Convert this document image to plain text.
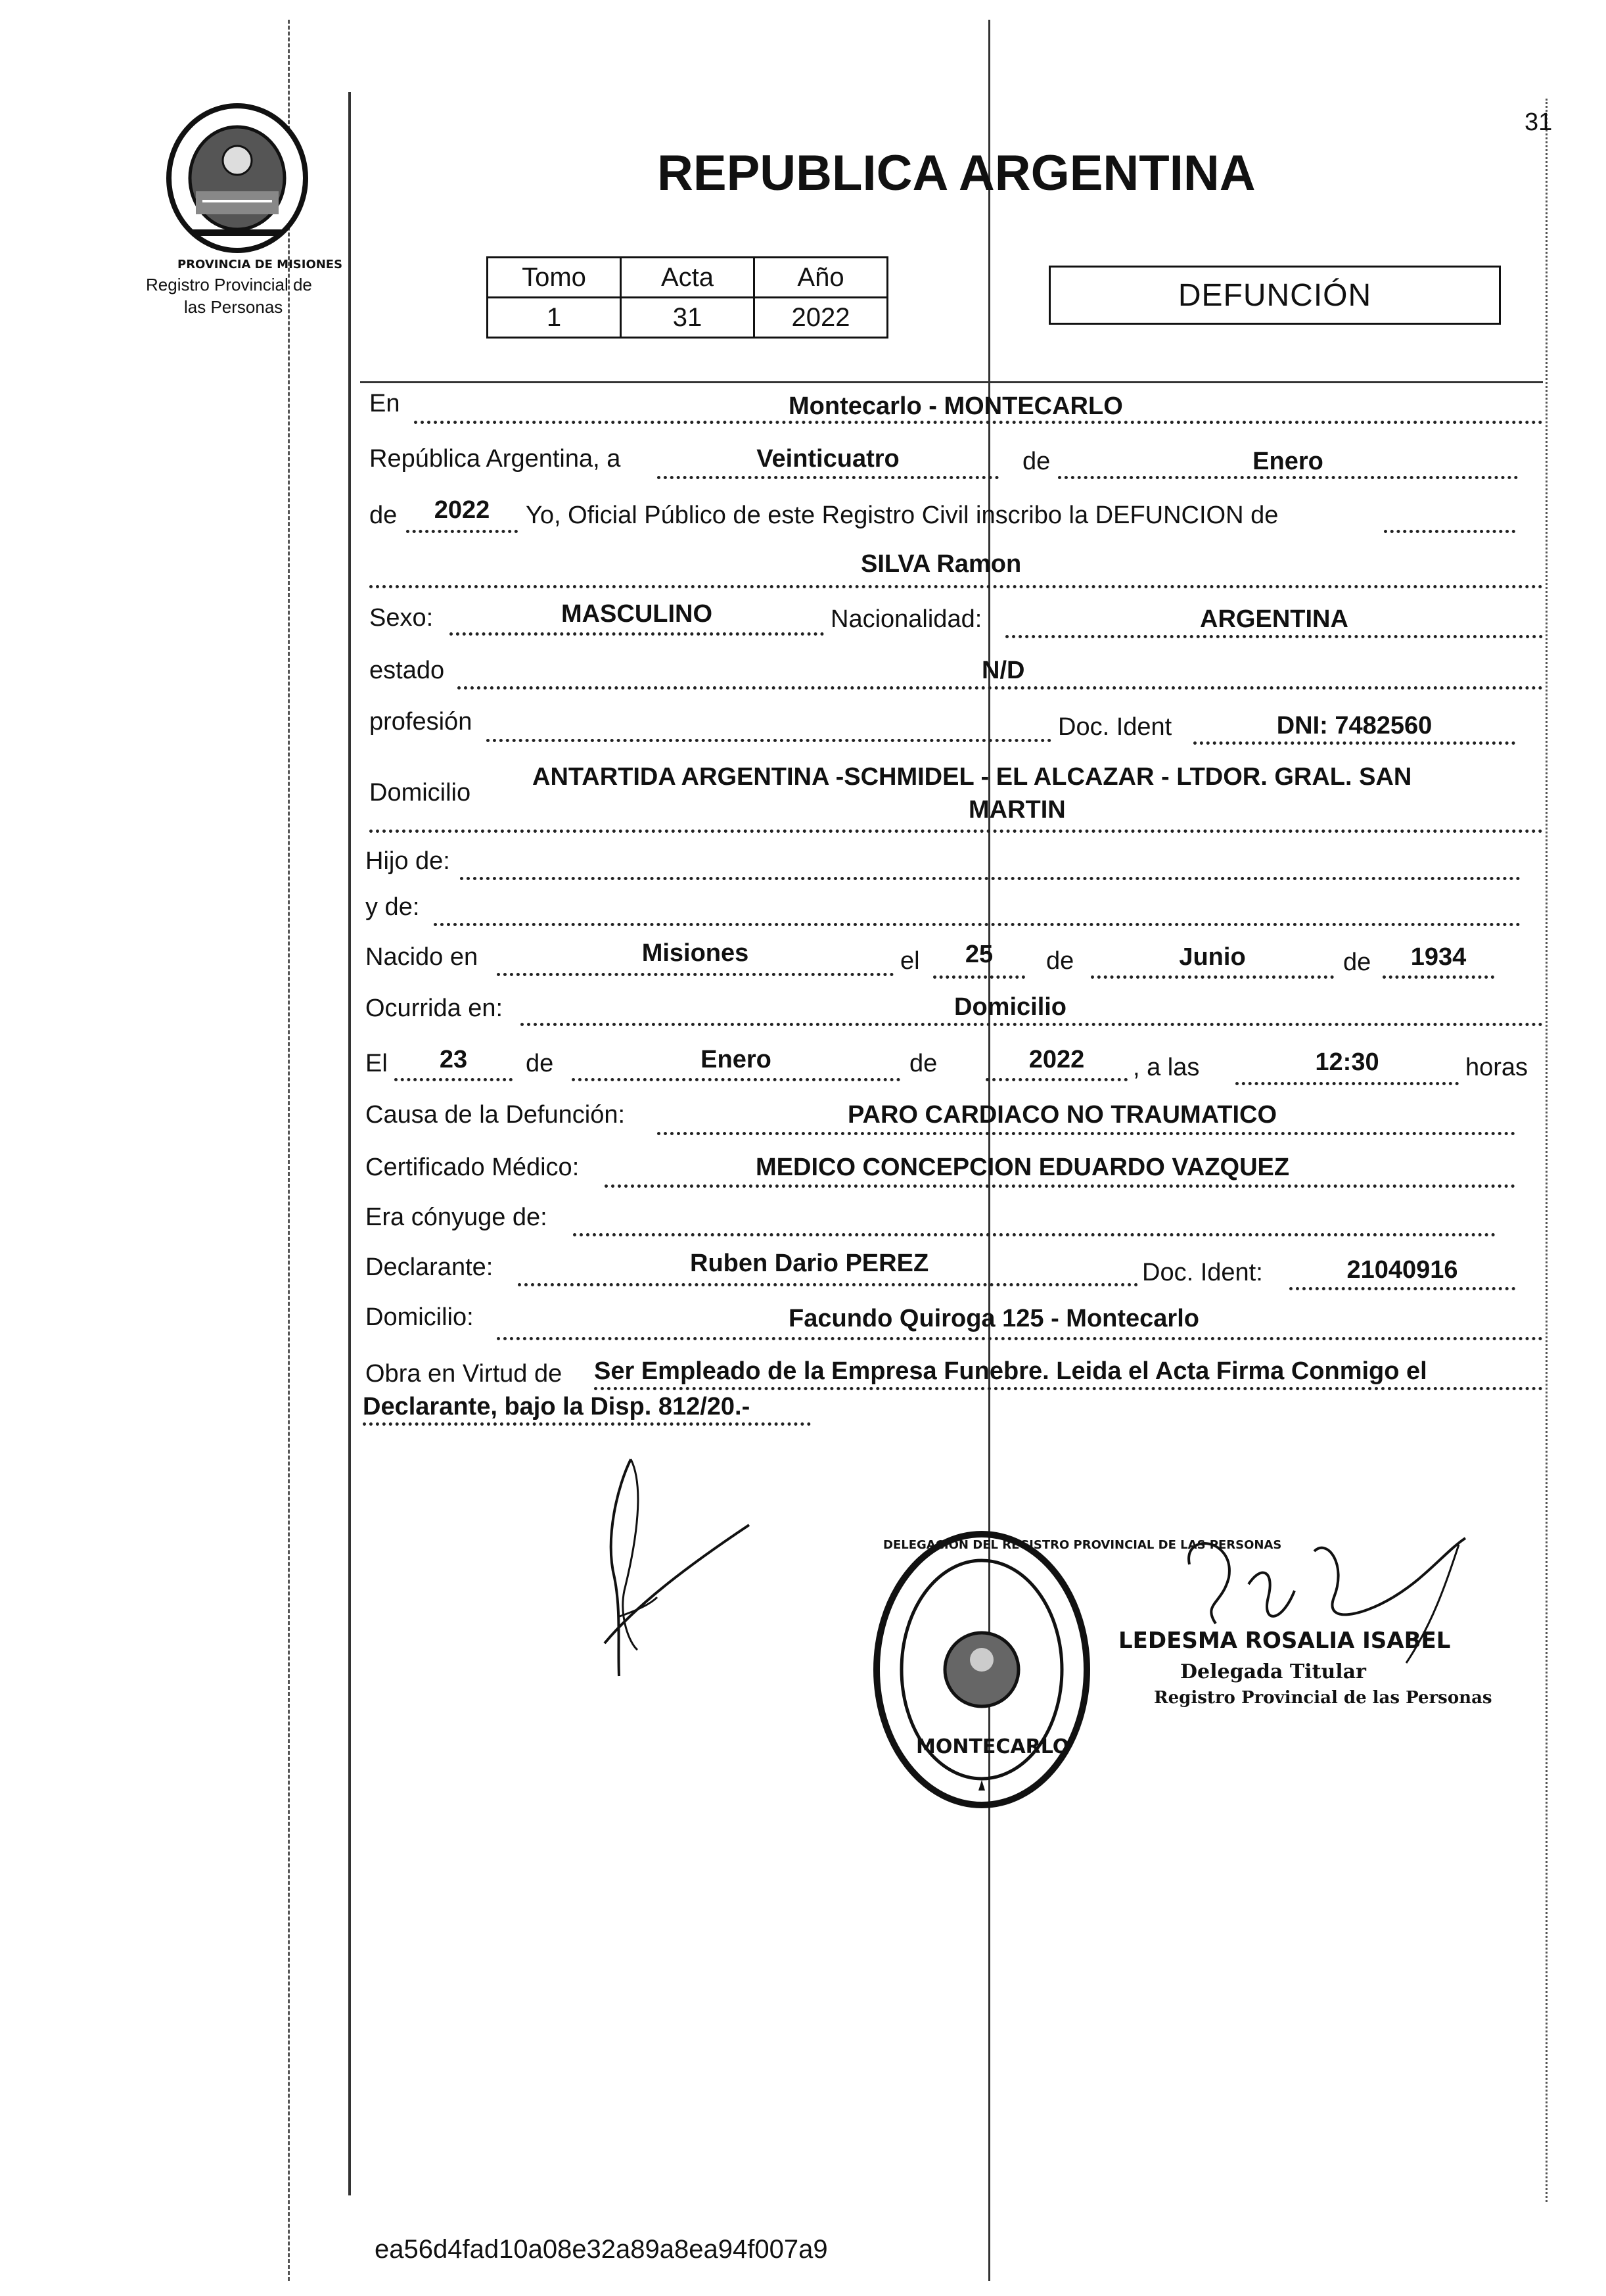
31
PROVINCIA DE MISIONES
Registro Provincial de
las Personas
REPUBLICA ARGENTINA
Tomo	Acta	Año
1	31	2022
DEFUNCIÓN
En	Montecarlo - MONTECARLO
República Argentina, a	Veinticuatro	de	Enero
de	2022	Yo, Oficial Público de este Registro Civil inscribo la DEFUNCION de
SILVA Ramon
Sexo:	MASCULINO	Nacionalidad:	ARGENTINA
estado	N/D
profesión	Doc. Ident	DNI: 7482560
Domicilio
ANTARTIDA ARGENTINA -SCHMIDEL - EL ALCAZAR - LTDOR. GRAL. SAN
MARTIN
Hijo de:
y de:
Nacido en	Misiones	el	25	de	Junio	de	1934
Ocurrida en:	Domicilio
El	23	de	Enero	de	2022	, a las	12:30	horas
Causa de la Defunción:	PARO CARDIACO NO TRAUMATICO
Certificado Médico:	MEDICO CONCEPCION EDUARDO VAZQUEZ
Era cónyuge de:
Declarante:	Ruben Dario PEREZ	Doc. Ident:	21040916
Domicilio:	Facundo Quiroga 125 - Montecarlo
Obra en Virtud de Ser Empleado de la Empresa Funebre. Leida el Acta Firma Conmigo el
Declarante, bajo la Disp. 812/20.-
DELEGACION DEL REGISTRO PROVINCIAL DE LAS PERSONAS
MONTECARLO
LEDESMA ROSALIA ISABEL
Delegada Titular
Registro Provincial de las Personas
ea56d4fad10a08e32a89a8ea94f007a9
